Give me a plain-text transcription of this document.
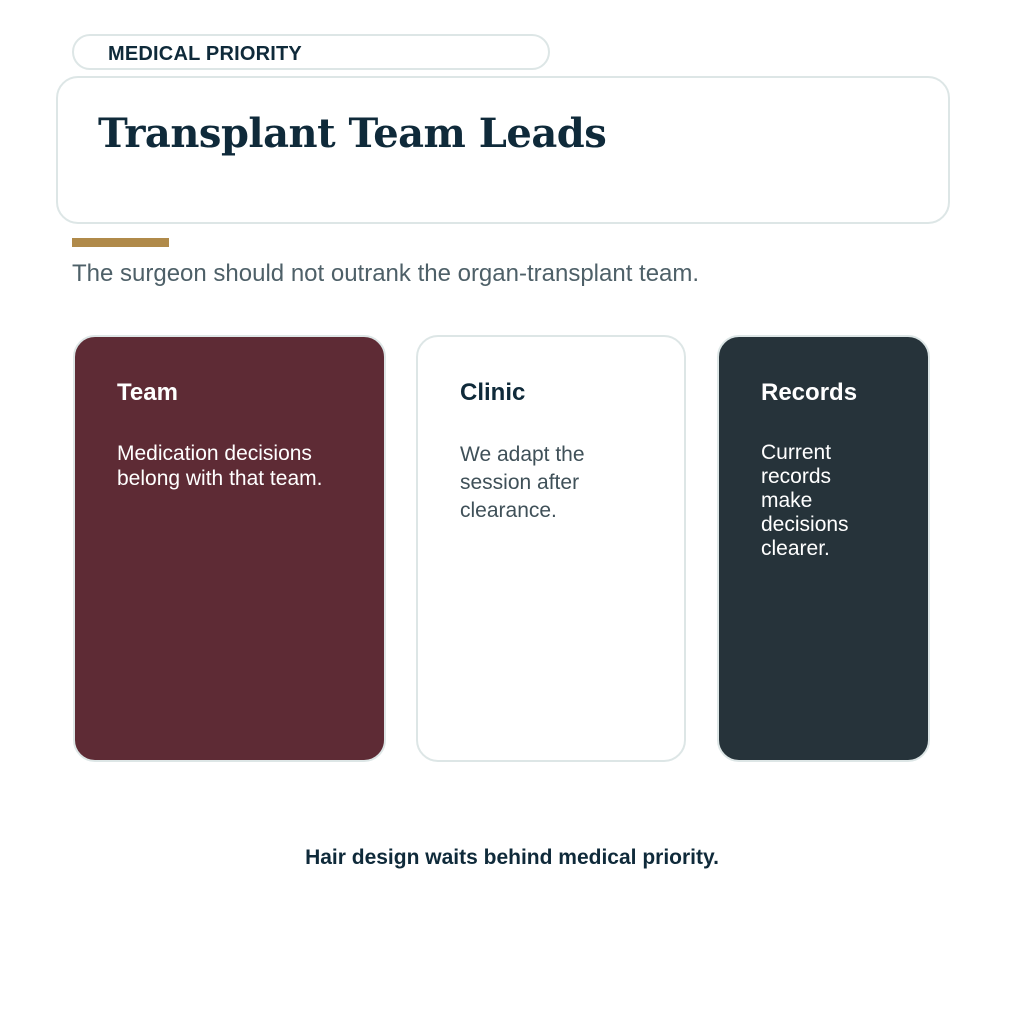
MEDICAL PRIORITY
Transplant Team Leads
The surgeon should not outrank the organ-transplant team.
Team
Medication decisions belong with that team.
Clinic
We adapt the session after clearance.
Records
Current records make decisions clearer.
Hair design waits behind medical priority.
